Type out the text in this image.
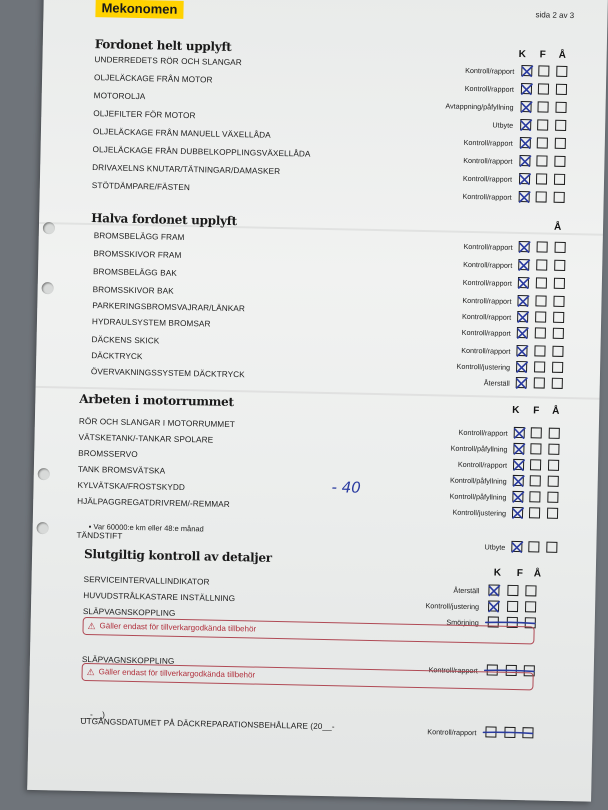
Mekonomen	sida 2 av 3
Fordonet helt upplyft
K F Å
UNDERREDETS RÖR OCH SLANGAR
Kontroll/rapport
OLJELÄCKAGE FRÅN MOTOR
Kontroll/rapport
MOTOROLJA
Avtappning/påfyllning
OLJEFILTER FÖR MOTOR
Utbyte
OLJELÄCKAGE FRÅN MANUELL VÄXELLÅDA
Kontroll/rapport
OLJELÄCKAGE FRÅN DUBBELKOPPLINGSVÄXELLÅDA
Kontroll/rapport
DRIVAXELNS KNUTAR/TÄTNINGAR/DAMASKER
Kontroll/rapport
STÖTDÄMPARE/FÄSTEN
Kontroll/rapport
Halva fordonet upplyft	Å
BROMSBELÄGG FRAM
Kontroll/rapport
BROMSSKIVOR FRAM
Kontroll/rapport
BROMSBELÄGG BAK
Kontroll/rapport
BROMSSKIVOR BAK
Kontroll/rapport
PARKERINGSBROMSVAJRAR/LÄNKAR
Kontroll/rapport
HYDRAULSYSTEM BROMSAR
Kontroll/rapport
DÄCKENS SKICK
Kontroll/rapport
DÄCKTRYCK
Kontroll/justering
ÖVERVAKNINGSSYSTEM DÄCKTRYCK
Återställ
Arbeten i motorrummet
K F Å
RÖR OCH SLANGAR I MOTORRUMMET
Kontroll/rapport
VÄTSKETANK/-TANKAR SPOLARE
Kontroll/påfyllning
BROMSSERVO
Kontroll/rapport
TANK BROMSVÄTSKA
Kontroll/påfyllning
KYLVÄTSKA/FROSTSKYDD
Kontroll/påfyllning
HJÄLPAGGREGATDRIVREM/-REMMAR
Kontroll/justering
TÄNDSTIFT
Utbyte
▪ Var 60000:e km eller 48:e månad
- 40
Slutgiltig kontroll av detaljer
K F Å
SERVICEINTERVALLINDIKATOR
Återställ
HUVUDSTRÅLKASTARE INSTÄLLNING
Kontroll/justering
SLÄPVAGNSKOPPLING
Smörjning
SLÄPVAGNSKOPPLING
Kontroll/rapport
UTGÅNGSDATUMET PÅ DÄCKREPARATIONSBEHÅLLARE (20__-
Kontroll/rapport
⚠ Gäller endast för tillverkargodkända tillbehör
⚠ Gäller endast för tillverkargodkända tillbehör
__-__)
